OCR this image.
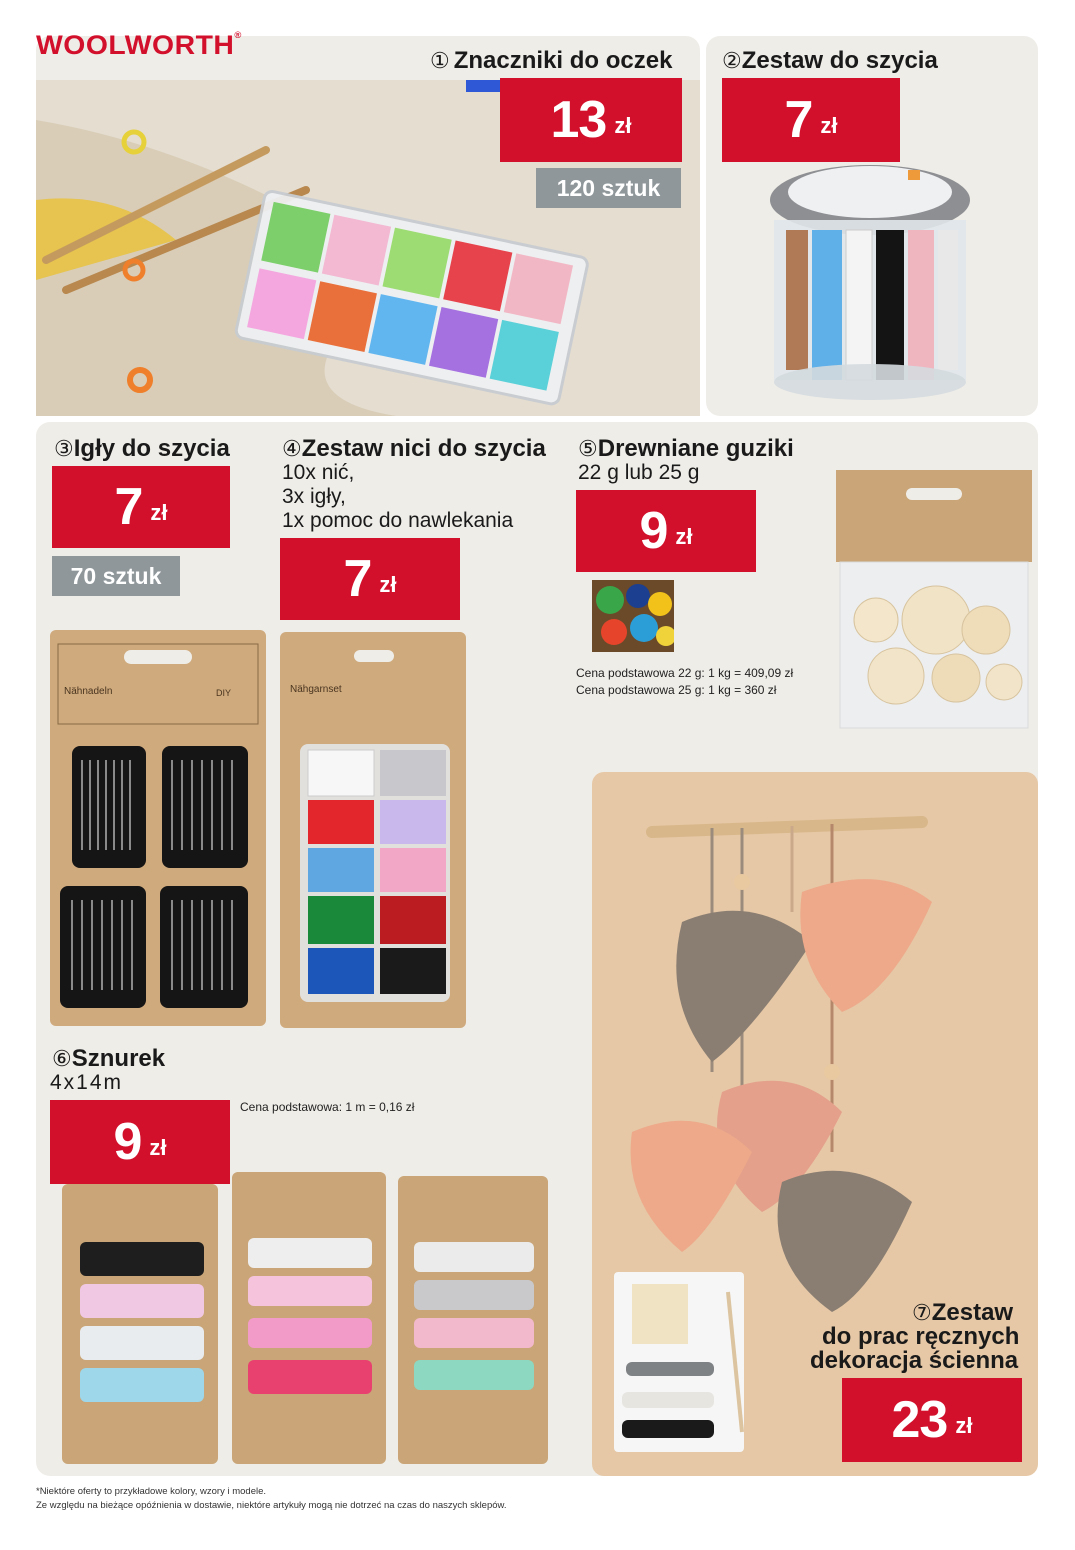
WOOLWORTH®
① Znaczniki do oczek
13 zł
120 sztuk
②Zestaw do szycia
7 zł
③Igły do szycia
7 zł
70 sztuk
Nähnadeln	DIY
④Zestaw nici do szycia
10x nić,
3x igły,
1x pomoc do nawlekania
7 zł
Nähgarnset
⑤Drewniane guziki
22 g lub 25 g
9 zł
Cena podstawowa 22 g: 1 kg = 409,09 zł
Cena podstawowa 25 g: 1 kg = 360 zł
⑥Sznurek
4x14m
9 zł
Cena podstawowa: 1 m = 0,16 zł
⑦Zestaw
do prac ręcznych
dekoracja ścienna
23 zł
*Niektóre oferty to przykładowe kolory, wzory i modele.
Ze względu na bieżące opóźnienia w dostawie, niektóre artykuły mogą nie dotrzeć na czas do naszych sklepów.
